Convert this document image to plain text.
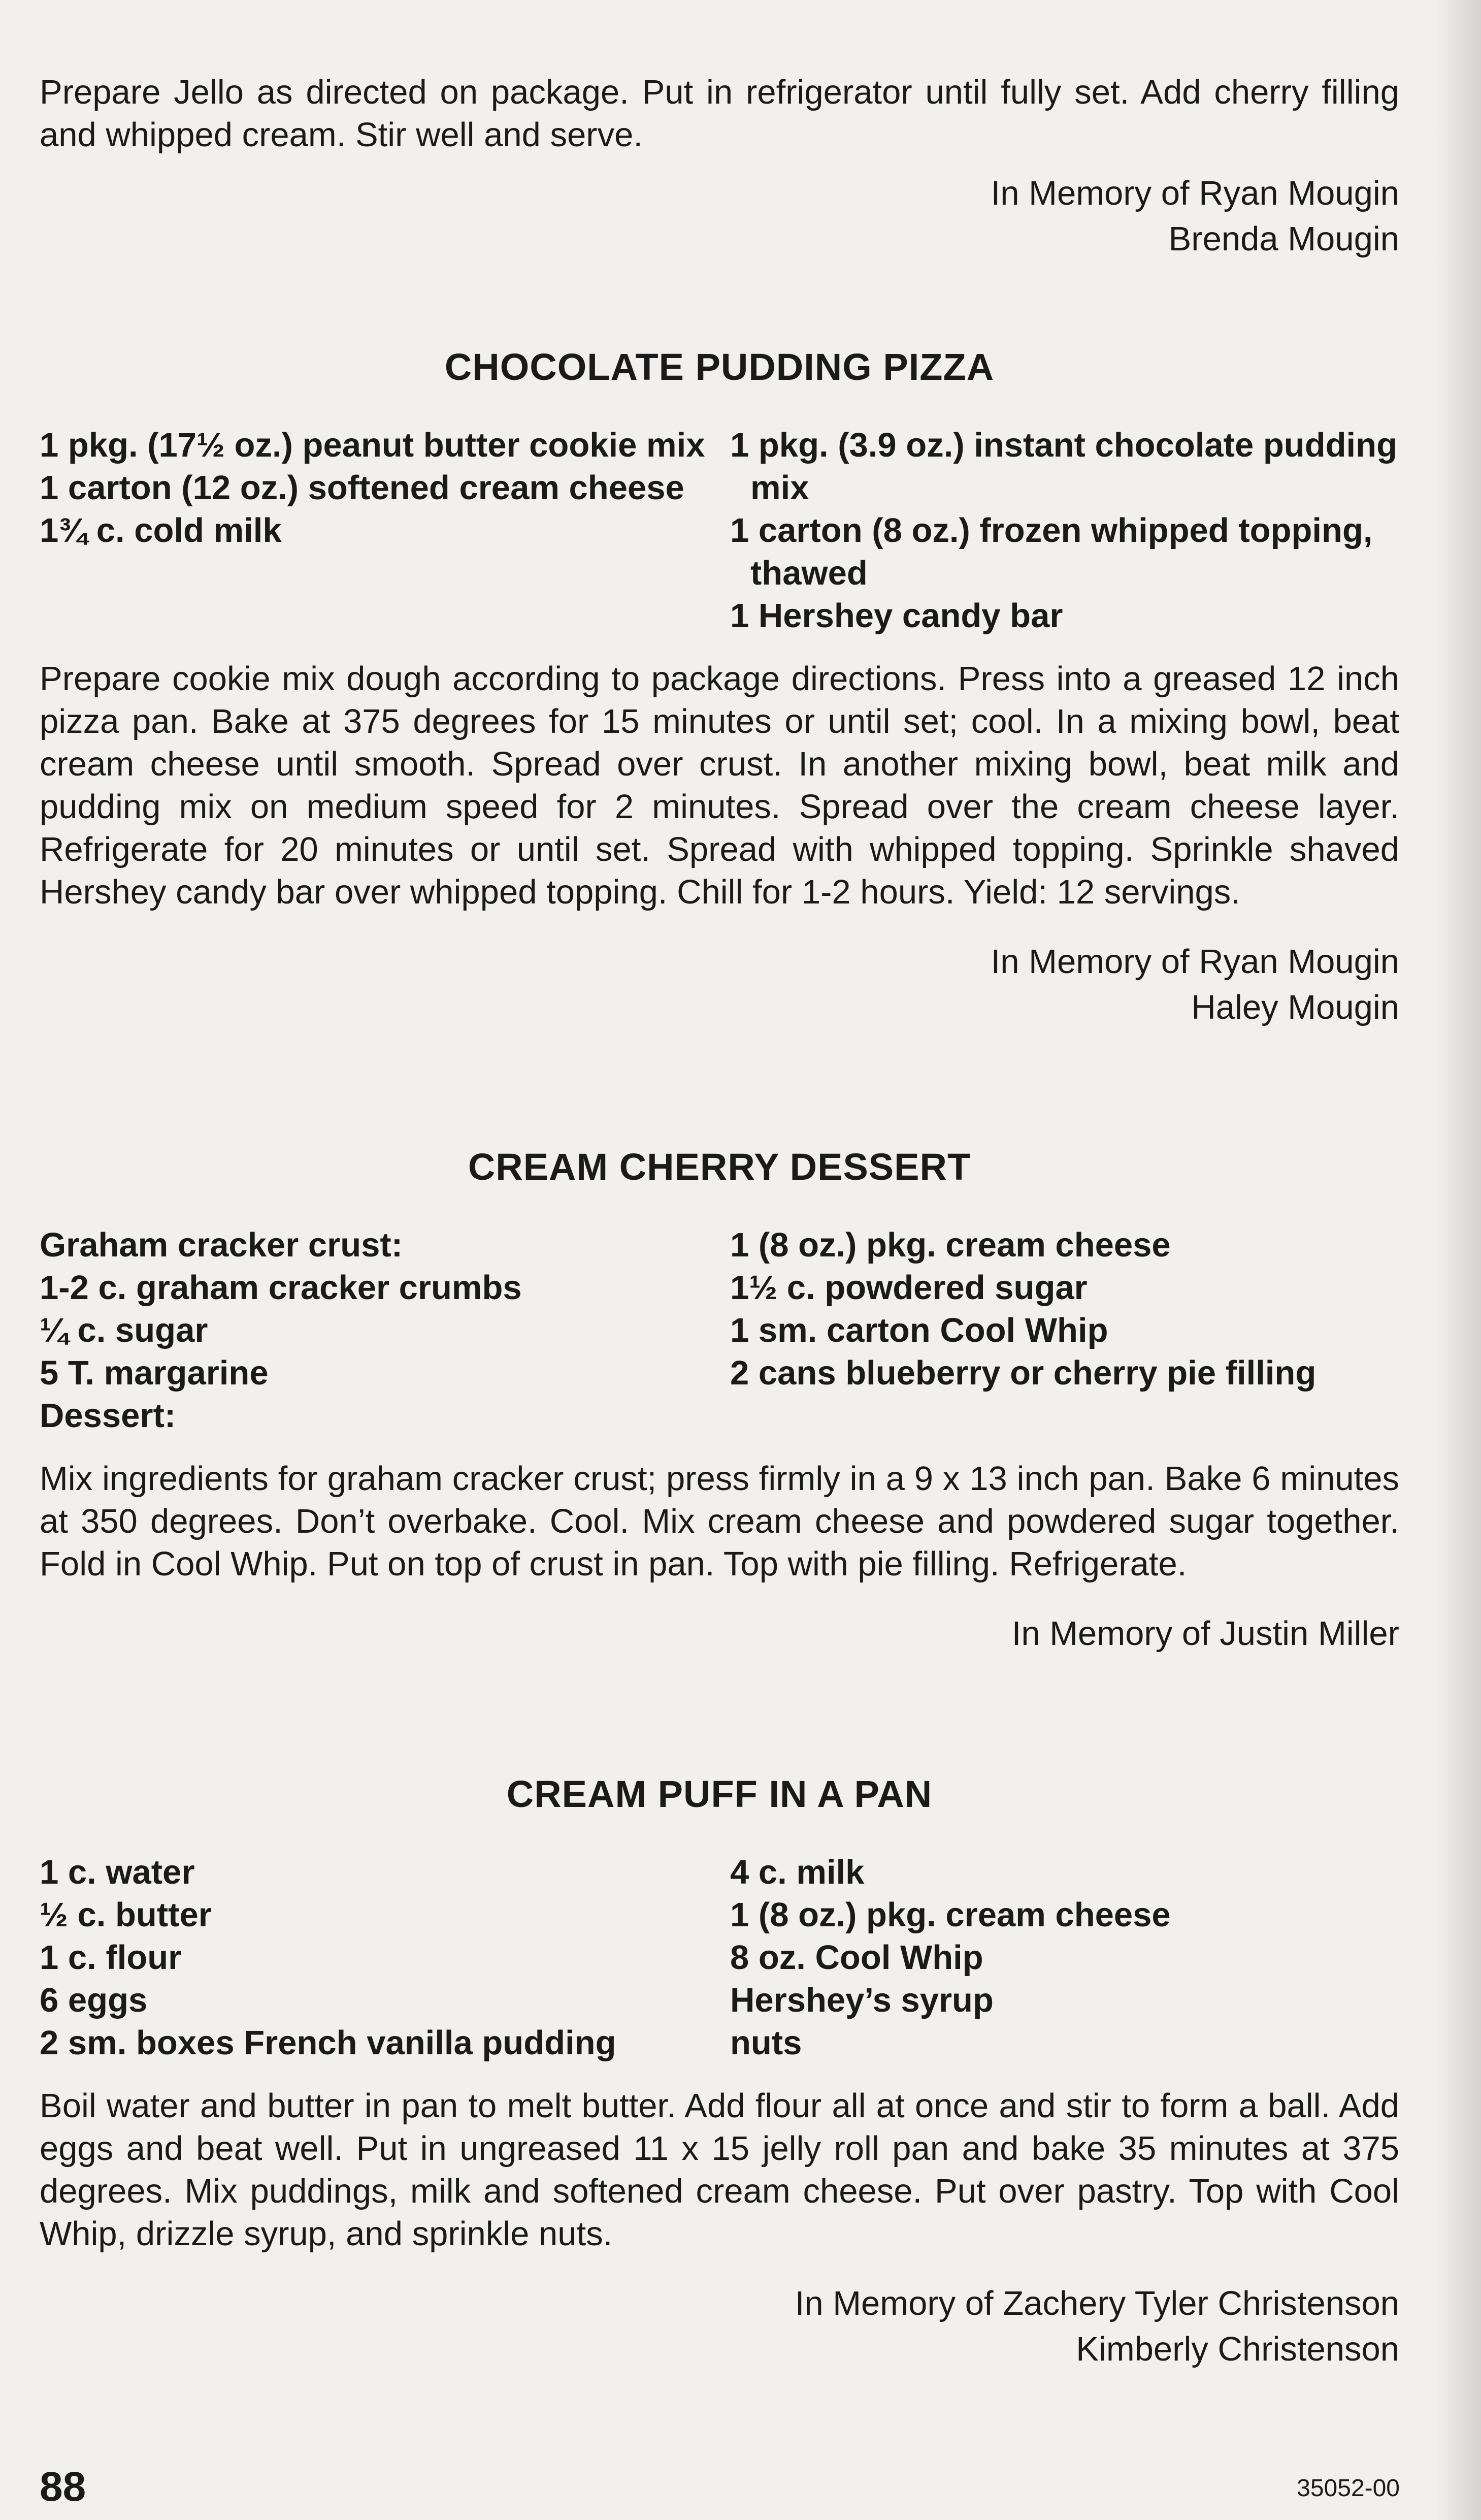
Prepare Jello as directed on package. Put in refrigerator until fully set. Add cherry filling and whipped cream. Stir well and serve.

In Memory of Ryan Mougin

Brenda Mougin

CHOCOLATE PUDDING PIZZA

1 pkg. (17½ oz.) peanut butter cookie mix
1 carton (12 oz.) softened cream cheese
1¾ c. cold milk
1 pkg. (3.9 oz.) instant chocolate pudding mix
1 carton (8 oz.) frozen whipped topping, thawed
1 Hershey candy bar

Prepare cookie mix dough according to package directions. Press into a greased 12 inch pizza pan. Bake at 375 degrees for 15 minutes or until set; cool. In a mixing bowl, beat cream cheese until smooth. Spread over crust. In another mixing bowl, beat milk and pudding mix on medium speed for 2 minutes. Spread over the cream cheese layer. Refrigerate for 20 minutes or until set. Spread with whipped topping. Sprinkle shaved Hershey candy bar over whipped topping. Chill for 1-2 hours. Yield: 12 servings.

In Memory of Ryan Mougin

Haley Mougin

CREAM CHERRY DESSERT

Graham cracker crust:
1-2 c. graham cracker crumbs
¼ c. sugar
5 T. margarine
Dessert:
1 (8 oz.) pkg. cream cheese
1½ c. powdered sugar
1 sm. carton Cool Whip
2 cans blueberry or cherry pie filling

Mix ingredients for graham cracker crust; press firmly in a 9 x 13 inch pan. Bake 6 minutes at 350 degrees. Don’t overbake. Cool. Mix cream cheese and powdered sugar together. Fold in Cool Whip. Put on top of crust in pan. Top with pie filling. Refrigerate.

In Memory of Justin Miller

CREAM PUFF IN A PAN

1 c. water
½ c. butter
1 c. flour
6 eggs
2 sm. boxes French vanilla pudding
4 c. milk
1 (8 oz.) pkg. cream cheese
8 oz. Cool Whip
Hershey’s syrup
nuts

Boil water and butter in pan to melt butter. Add flour all at once and stir to form a ball. Add eggs and beat well. Put in ungreased 11 x 15 jelly roll pan and bake 35 minutes at 375 degrees. Mix puddings, milk and softened cream cheese. Put over pastry. Top with Cool Whip, drizzle syrup, and sprinkle nuts.

In Memory of Zachery Tyler Christenson

Kimberly Christenson

88	35052-00
